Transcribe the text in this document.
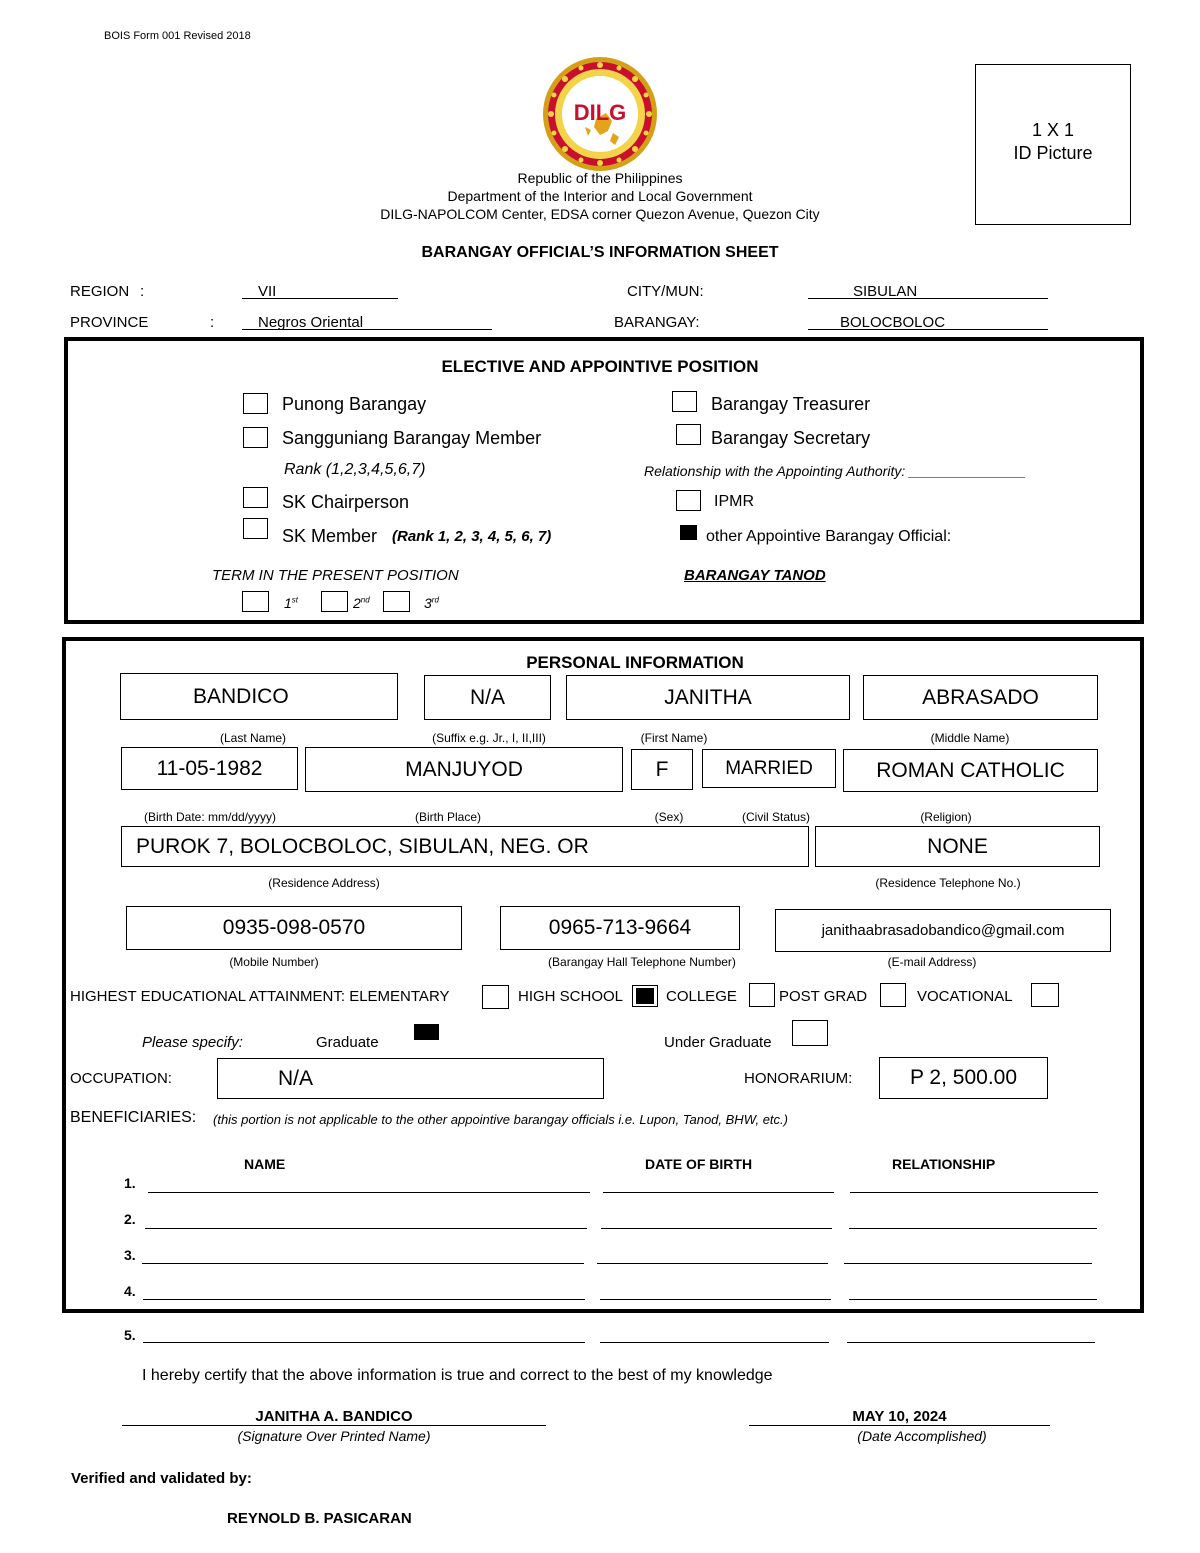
BOIS Form 001 Revised 2018
DILG
Republic of the Philippines
Department of the Interior and Local Government
DILG-NAPOLCOM Center, EDSA corner Quezon Avenue, Quezon City
1 X 1
ID Picture
BARANGAY OFFICIAL’S INFORMATION SHEET
REGION :	VII	CITY/MUN:	SIBULAN
PROVINCE	:	Negros Oriental	BARANGAY:	BOLOCBOLOC
ELECTIVE AND APPOINTIVE POSITION
Punong Barangay
Sangguniang Barangay Member
Rank (1,2,3,4,5,6,7)
SK Chairperson
SK Member (Rank 1, 2, 3, 4, 5, 6, 7)
Barangay Treasurer
Barangay Secretary
Relationship with the Appointing Authority: _______________
IPMR
other Appointive Barangay Official:
TERM IN THE PRESENT POSITION	BARANGAY TANOD
1st	2nd	3rd
PERSONAL INFORMATION
BANDICO	N/A	JANITHA	ABRASADO
(Last Name)	(Suffix e.g. Jr., I, II,III)	(First Name)	(Middle Name)
11-05-1982	MANJUYOD	F	MARRIED	ROMAN CATHOLIC
(Birth Date: mm/dd/yyyy)	(Birth Place)	(Sex)	(Civil Status)	(Religion)
PUROK 7, BOLOCBOLOC, SIBULAN, NEG. OR	NONE
(Residence Address)	(Residence Telephone No.)
0935-098-0570	0965-713-9664	janithaabrasadobandico@gmail.com
(Mobile Number)	(Barangay Hall Telephone Number)	(E-mail Address)
HIGHEST EDUCATIONAL ATTAINMENT: ELEMENTARY	HIGH SCHOOL	COLLEGE	POST GRAD	VOCATIONAL
Please specify:	Graduate	Under Graduate
OCCUPATION:	N/A	HONORARIUM:	P 2, 500.00
BENEFICIARIES: (this portion is not applicable to the other appointive barangay officials i.e. Lupon, Tanod, BHW, etc.)
NAME	DATE OF BIRTH	RELATIONSHIP
1.
2.
3.
4.
5.
I hereby certify that the above information is true and correct to the best of my knowledge
JANITHA A. BANDICO
(Signature Over Printed Name)
MAY 10, 2024
(Date Accomplished)
Verified and validated by:
REYNOLD B. PASICARAN
